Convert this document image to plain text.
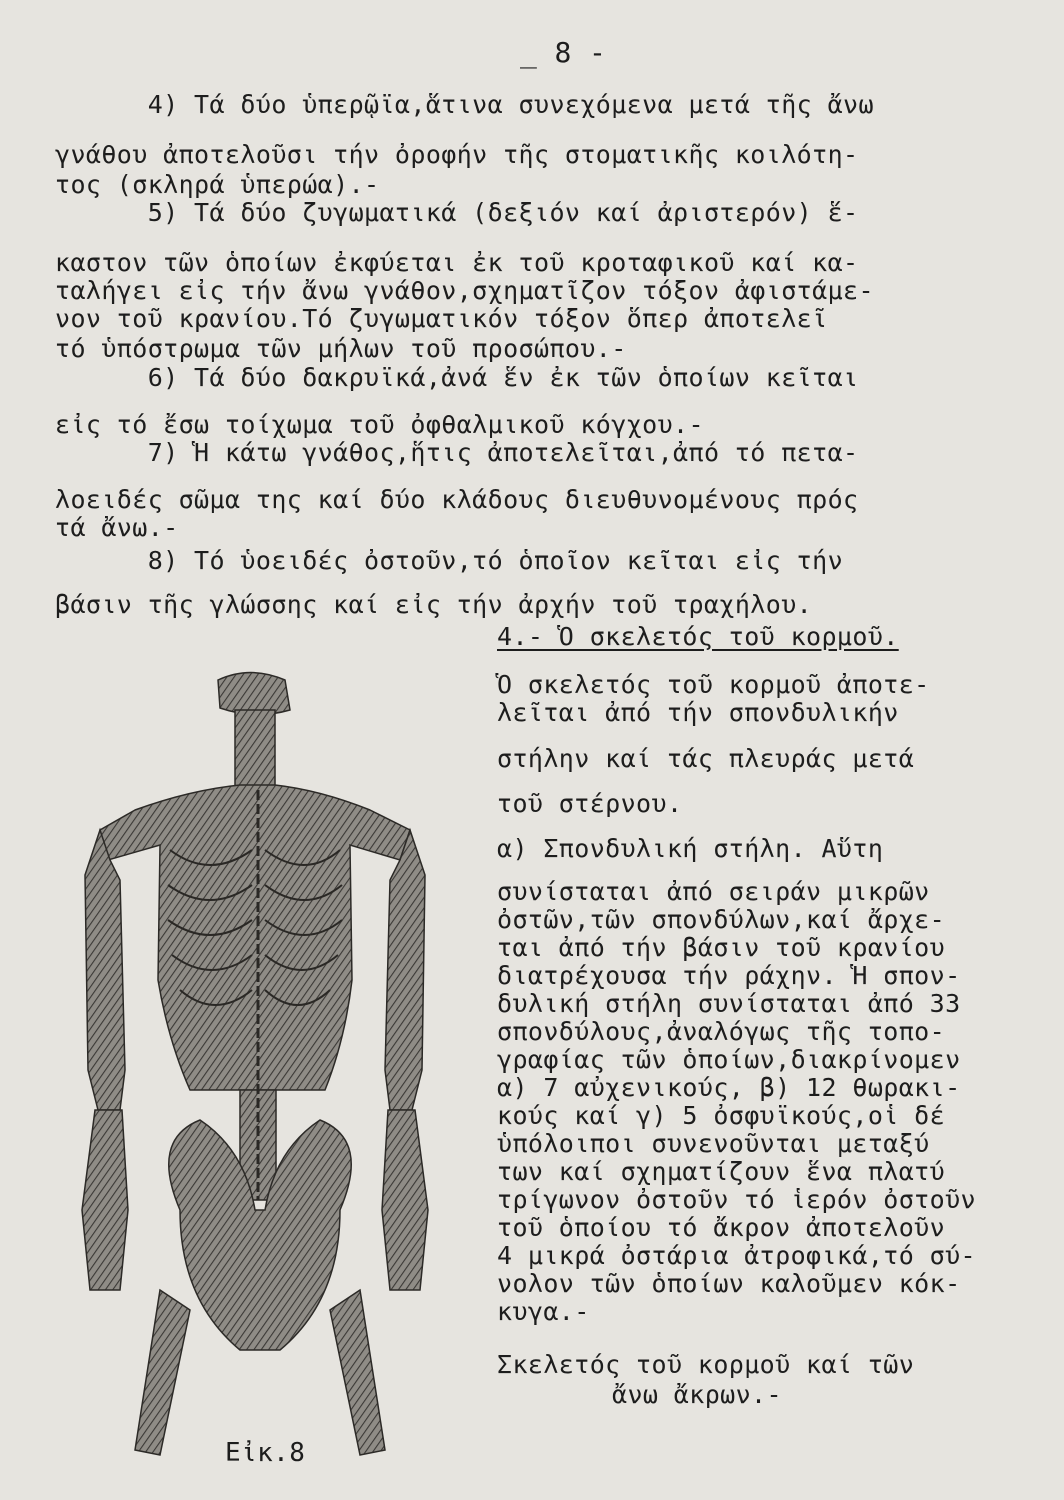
_ 8 -
4) Τά δύο ὑπερῷϊα,ἅτινα συνεχόμενα μετά τῆς ἄνω
γνάθου ἀποτελοῦσι τήν ὀροφήν τῆς στοματικῆς κοιλότη-
τος (σκληρά ὑπερώα).-
5) Τά δύο ζυγωματικά (δεξιόν καί ἀριστερόν) ἕ-
καστον τῶν ὁποίων ἐκφύεται ἐκ τοῦ κροταφικοῦ καί κα-
ταλήγει εἰς τήν ἄνω γνάθον,σχηματῖζον τόξον ἀφιστάμε-
νον τοῦ κρανίου.Τό ζυγωματικόν τόξον ὅπερ ἀποτελεῖ
τό ὑπόστρωμα τῶν μήλων τοῦ προσώπου.-
6) Τά δύο δακρυϊκά,ἀνά ἕν ἐκ τῶν ὁποίων κεῖται
εἰς τό ἔσω τοίχωμα τοῦ ὀφθαλμικοῦ κόγχου.-
7) Ἡ κάτω γνάθος,ἥτις ἀποτελεῖται,ἀπό τό πετα-
λοειδές σῶμα της καί δύο κλάδους διευθυνομένους πρός
τά ἄνω.-
8) Τό ὑοειδές ὀστοῦν,τό ὁποῖον κεῖται εἰς τήν
βάσιν τῆς γλώσσης καί εἰς τήν ἀρχήν τοῦ τραχήλου.
4.- Ὁ σκελετός τοῦ κορμοῦ.
Ὁ σκελετός τοῦ κορμοῦ ἀποτε-
λεῖται ἀπό τήν σπονδυλικήν
στήλην καί τάς πλευράς μετά
τοῦ στέρνου.
α) Σπονδυλική στήλη. Αὕτη
συνίσταται ἀπό σειράν μικρῶν
ὀστῶν,τῶν σπονδύλων,καί ἄρχε-
ται ἀπό τήν βάσιν τοῦ κρανίου
διατρέχουσα τήν ράχην. Ἡ σπον-
δυλική στήλη συνίσταται ἀπό 33
σπονδύλους,ἀναλόγως τῆς τοπο-
γραφίας τῶν ὁποίων,διακρίνομεν
α) 7 αὐχενικούς, β) 12 θωρακι-
κούς καί γ) 5 ὀσφυϊκούς,οἱ δέ
ὑπόλοιποι συνενοῦνται μεταξύ
των καί σχηματίζουν ἕνα πλατύ
τρίγωνον ὀστοῦν τό ἱερόν ὀστοῦν
τοῦ ὁποίου τό ἄκρον ἀποτελοῦν
4 μικρά ὀστάρια ἀτροφικά,τό σύ-
νολον τῶν ὁποίων καλοῦμεν κόκ-
κυγα.-
Σκελετός τοῦ κορμοῦ καί τῶν
ἄνω ἄκρων.-
Εἰκ.8
